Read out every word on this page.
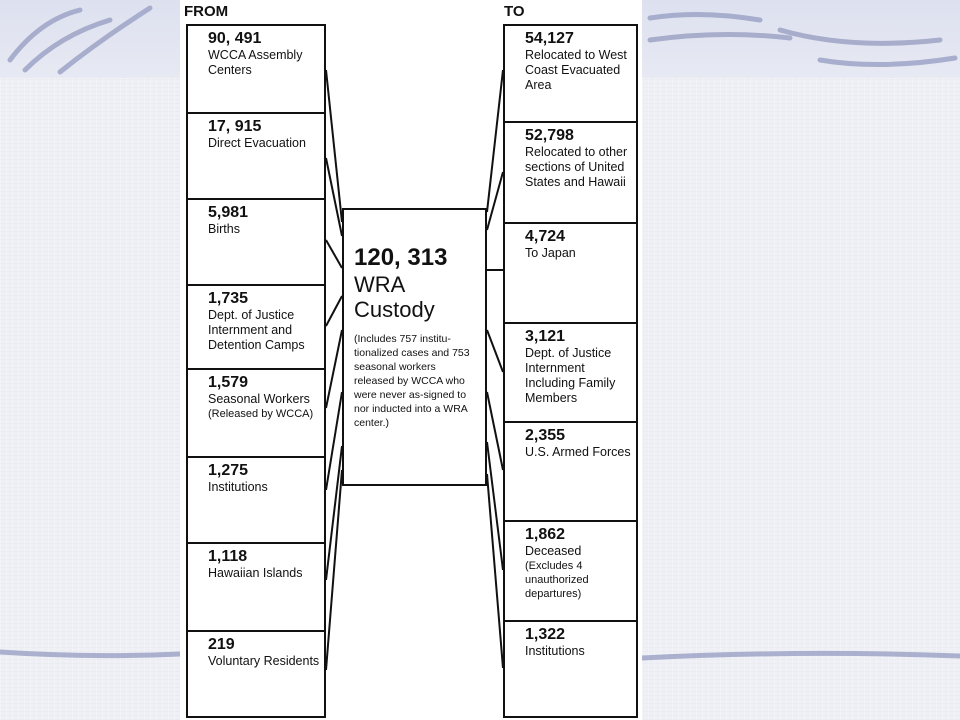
FROM	TO
90, 491
WCCA Assembly Centers
17, 915
Direct Evacuation
5,981
Births
1,735
Dept. of Justice Internment and Detention Camps
1,579
Seasonal Workers
(Released by WCCA)
1,275
Institutions
1,118
Hawaiian Islands
219
Voluntary Residents
54,127
Relocated to West Coast Evacuated Area
52,798
Relocated to other sections of United States and Hawaii
4,724
To Japan
3,121
Dept. of Justice Internment Including Family Members
2,355
U.S. Armed Forces
1,862
Deceased
(Excludes 4 unauthorized departures)
1,322
Institutions
120, 313
WRA
Custody
(Includes 757 institu-tionalized cases and 753 seasonal workers released by WCCA who were never as-signed to nor inducted into a WRA center.)
